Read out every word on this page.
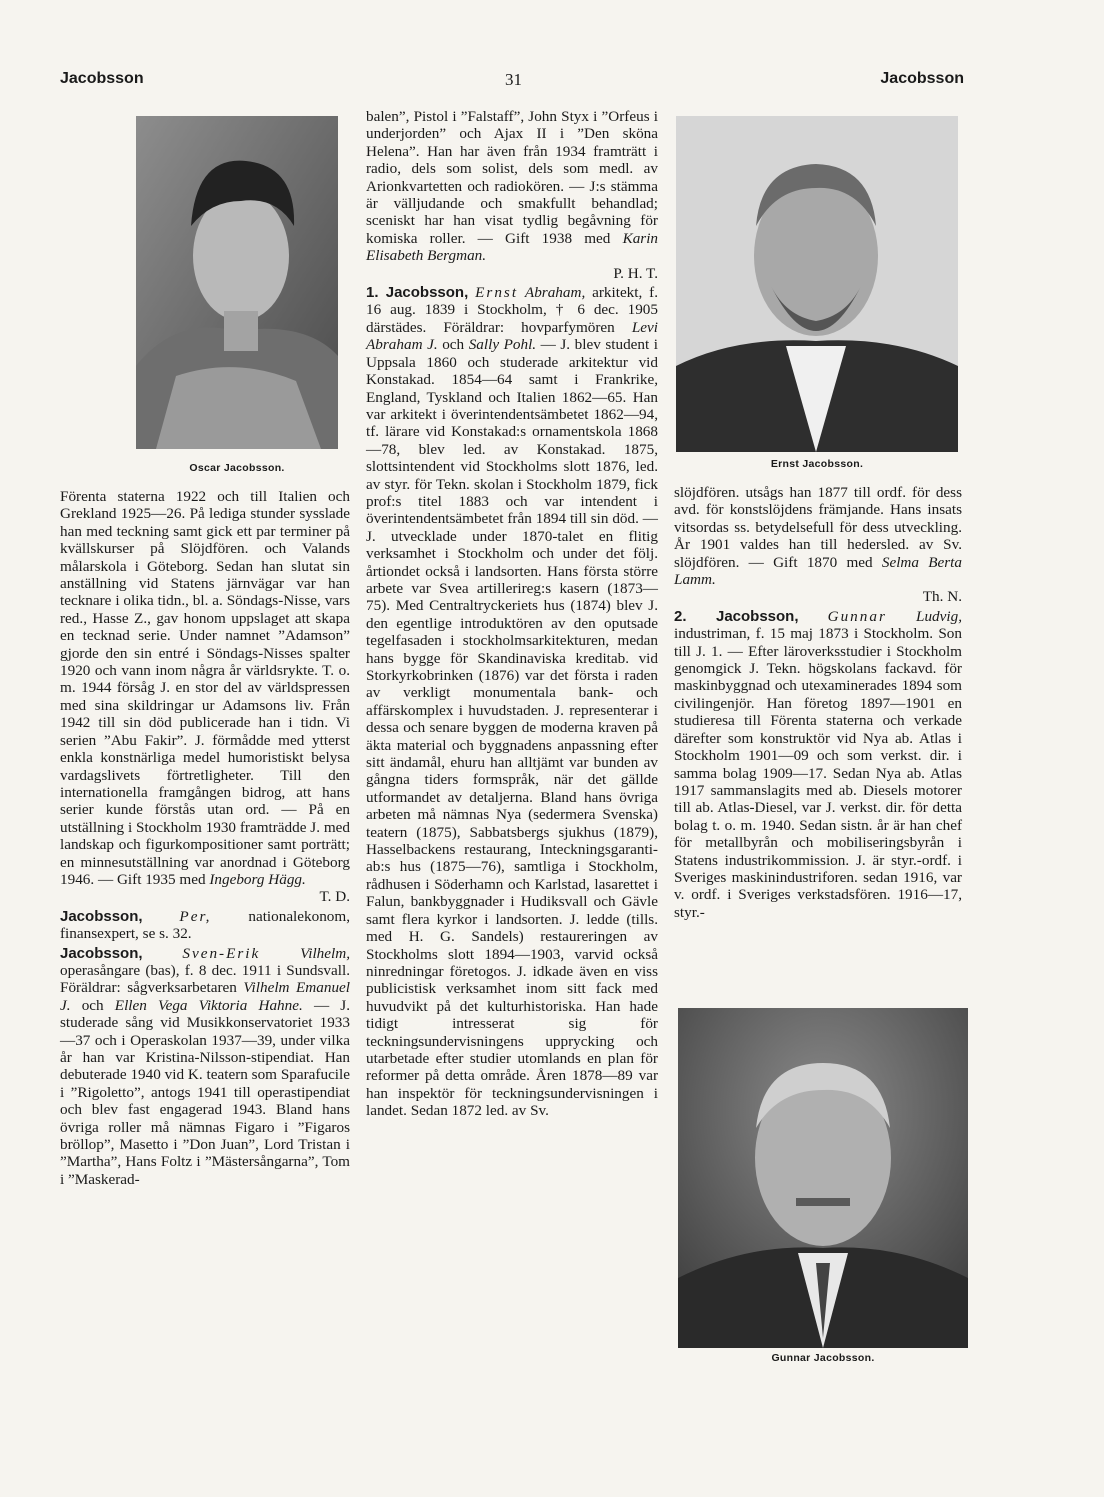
Jacobsson	31	Jacobsson
Oscar Jacobsson.	Ernst Jacobsson.
Gunnar Jacobsson.

Förenta staterna 1922 och till Italien och Grekland 1925—26. På lediga stunder sysslade han med teckning samt gick ett par terminer på kvällskurser på Slöjdfören. och Valands målarskola i Göteborg. Sedan han slutat sin anställning vid Statens järnvägar var han tecknare i olika tidn., bl. a. Söndags-Nisse, vars red., Hasse Z., gav honom uppslaget att skapa en tecknad serie. Under namnet ”Adamson” gjorde den sin entré i Söndags-Nisses spalter 1920 och vann inom några år världsrykte. T. o. m. 1944 försåg J. en stor del av världspressen med sina skildringar ur Adamsons liv. Från 1942 till sin död publicerade han i tidn. Vi serien ”Abu Fakir”. J. förmådde med ytterst enkla konstnärliga medel humoristiskt belysa vardagslivets förtretligheter. Till den internationella framgången bidrog, att hans serier kunde förstås utan ord. — På en utställning i Stockholm 1930 framträdde J. med landskap och figurkompositioner samt porträtt; en minnesutställning var anordnad i Göteborg 1946. — Gift 1935 med Ingeborg Hägg.
T. D.

Jacobsson, Per, nationalekonom, finansexpert, se s. 32.

Jacobsson,	Sven-Erik	Vilhelm, operasångare (bas), f. 8 dec. 1911 i Sundsvall. Föräldrar: sågverksarbetaren Vilhelm Emanuel J. och Ellen Vega Viktoria Hahne. — J. studerade sång vid Musikkonservatoriet 1933—37 och i Operaskolan 1937—39, under vilka år han var Kristina-Nilsson-stipendiat. Han debuterade 1940 vid K. teatern som Sparafucile i ”Rigoletto”, antogs 1941 till operastipendiat och blev fast engagerad 1943. Bland hans övriga roller må nämnas Figaro i ”Figaros bröllop”, Masetto i ”Don Juan”, Lord Tristan i ”Martha”, Hans Foltz i ”Mästersångarna”, Tom i ”Maskerad-

balen”, Pistol i ”Falstaff”, John Styx i ”Orfeus i underjorden” och Ajax II i ”Den sköna Helena”. Han har även från 1934 framträtt i radio, dels som solist, dels som medl. av Arionkvartetten och radiokören. — J:s stämma är välljudande och smakfullt behandlad; sceniskt har han visat tydlig begåvning för komiska roller. — Gift 1938 med Karin Elisabeth Bergman.
P. H. T.

1. Jacobsson, Ernst Abraham, arkitekt, f. 16 aug. 1839 i Stockholm, † 6 dec. 1905 därstädes. Föräldrar: hovparfymören Levi Abraham J. och Sally Pohl. — J. blev student i Uppsala 1860 och studerade arkitektur vid Konstakad. 1854—64 samt i Frankrike, England, Tyskland och Italien 1862—65. Han var arkitekt i överintendentsämbetet 1862—94, tf. lärare vid Konstakad:s ornamentskola 1868—78, blev led. av Konstakad. 1875, slottsintendent vid Stockholms slott 1876, led. av styr. för Tekn. skolan i Stockholm 1879, fick prof:s titel 1883 och var intendent i överintendentsämbetet från 1894 till sin död. — J. utvecklade under 1870-talet en flitig verksamhet i Stockholm och under det följ. årtiondet också i landsorten. Hans första större arbete var Svea artillerireg:s kasern (1873—75). Med Centraltryckeriets hus (1874) blev J. den egentlige introduktören av den oputsade tegelfasaden i stockholmsarkitekturen, medan hans bygge för Skandinaviska kreditab. vid Storkyrkobrinken (1876) var det första i raden av verkligt monumentala bank- och affärskomplex i huvudstaden. J. representerar i dessa och senare byggen de moderna kraven på äkta material och byggnadens anpassning efter sitt ändamål, ehuru han alltjämt var bunden av gångna tiders formspråk, när det gällde utformandet av detaljerna. Bland hans övriga arbeten må nämnas Nya (sedermera Svenska) teatern (1875), Sabbatsbergs sjukhus (1879), Hasselbackens restaurang, Inteckningsgaranti-ab:s hus (1875—76), samtliga i Stockholm, rådhusen i Söderhamn och Karlstad, lasarettet i Falun, bankbyggnader i Hudiksvall och Gävle samt flera kyrkor i landsorten. J. ledde (tills. med H. G. Sandels) restaureringen av Stockholms slott 1894—1903, varvid också ninredningar företogos. J. idkade även en viss publicistisk verksamhet inom sitt fack med huvudvikt på det kulturhistoriska. Han hade tidigt intresserat sig för teckningsundervisningens upprycking och utarbetade efter studier utomlands en plan för reformer på detta område. Åren 1878—89 var han inspektör för teckningsundervisningen i landet. Sedan 1872 led. av Sv.

slöjdfören. utsågs han 1877 till ordf. för dess avd. för konstslöjdens främjande. Hans insats vitsordas ss. betydelsefull för dess utveckling. År 1901 valdes han till hedersled. av Sv. slöjdfören. — Gift 1870 med Selma Berta Lamm.
Th. N.

2. Jacobsson, Gunnar Ludvig, industriman, f. 15 maj 1873 i Stockholm. Son till J. 1. — Efter läroverksstudier i Stockholm genomgick J. Tekn. högskolans fackavd. för maskinbyggnad och utexaminerades 1894 som civilingenjör. Han företog 1897—1901 en studieresa till Förenta staterna och verkade därefter som konstruktör vid Nya ab. Atlas i Stockholm 1901—09 och som verkst. dir. i samma bolag 1909—17. Sedan Nya ab. Atlas 1917 sammanslagits med ab. Diesels motorer till ab. Atlas-Diesel, var J. verkst. dir. för detta bolag t. o. m. 1940. Sedan sistn. år är han chef för metallbyrån och mobiliseringsbyrån i Statens industrikommission. J. är styr.-ordf. i Sveriges maskinindustriforen. sedan 1916, var v. ordf. i Sveriges verkstadsfören. 1916—17, styr.-
